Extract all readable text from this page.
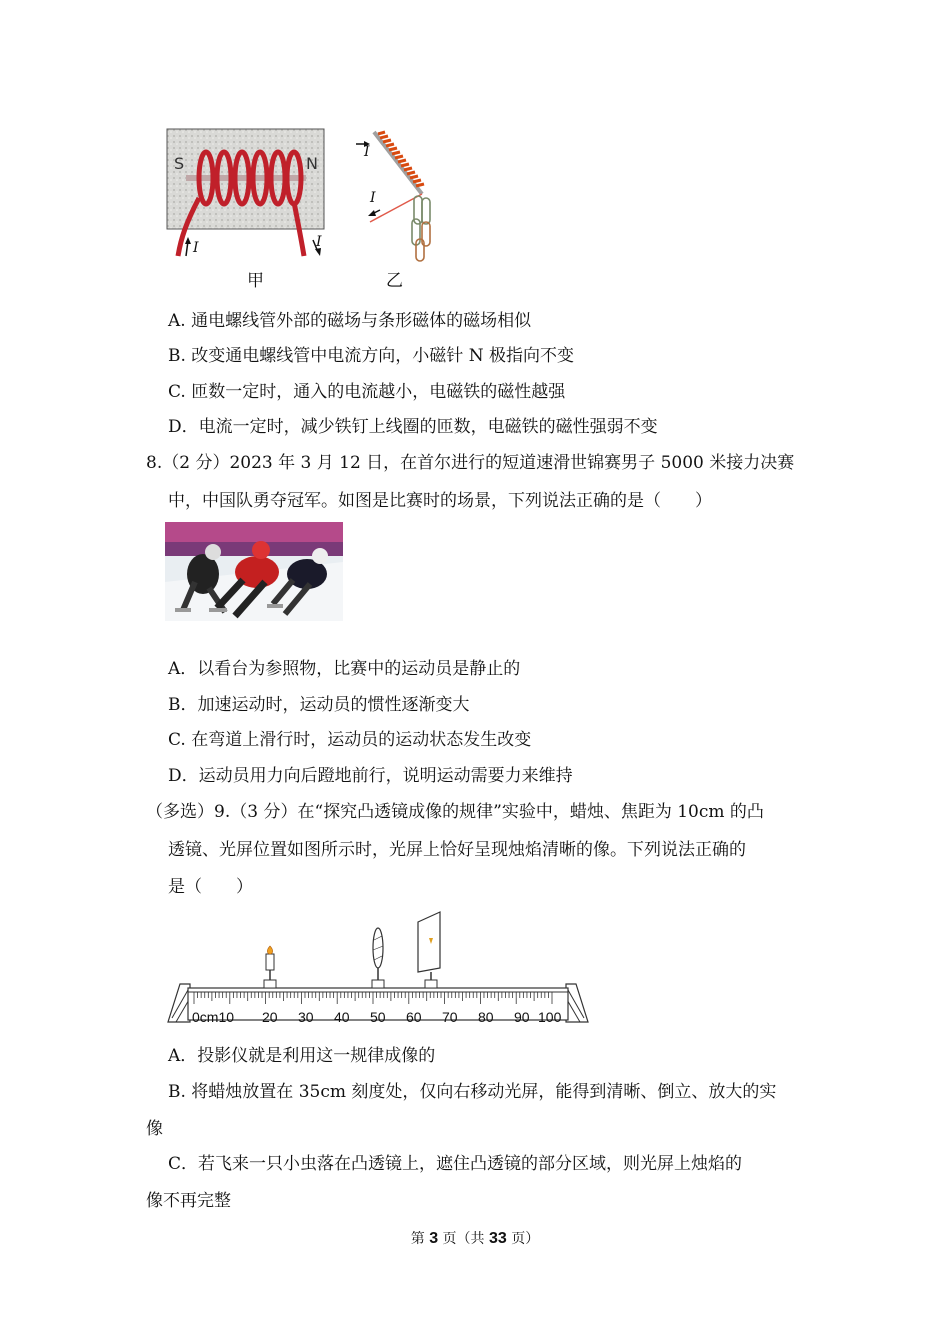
S	N
I	I
甲
I
I
乙
A. 通电螺线管外部的磁场与条形磁体的磁场相似
B. 改变通电螺线管中电流方向，小磁针 N 极指向不变
C. 匝数一定时，通入的电流越小，电磁铁的磁性越强
D．电流一定时，减少铁钉上线圈的匝数，电磁铁的磁性强弱不变
8.（2 分）2023 年 3 月 12 日，在首尔进行的短道速滑世锦赛男子 5000 米接力决赛
中，中国队勇夺冠军。如图是比赛时的场景，下列说法正确的是（　　）
A．以看台为参照物，比赛中的运动员是静止的
B．加速运动时，运动员的惯性逐渐变大
C. 在弯道上滑行时，运动员的运动状态发生改变
D．运动员用力向后蹬地前行，说明运动需要力来维持
（多选）9.（3 分）在“探究凸透镜成像的规律”实验中，蜡烛、焦距为 10cm 的凸
透镜、光屏位置如图所示时，光屏上恰好呈现烛焰清晰的像。下列说法正确的
是（　　）
0cm10 20 30 40 50 60 70 80 90 100
A．投影仪就是利用这一规律成像的
B. 将蜡烛放置在 35cm 刻度处，仅向右移动光屏，能得到清晰、倒立、放大的实
像
C．若飞来一只小虫落在凸透镜上，遮住凸透镜的部分区域，则光屏上烛焰的
像不再完整
第 3 页（共 33 页）
